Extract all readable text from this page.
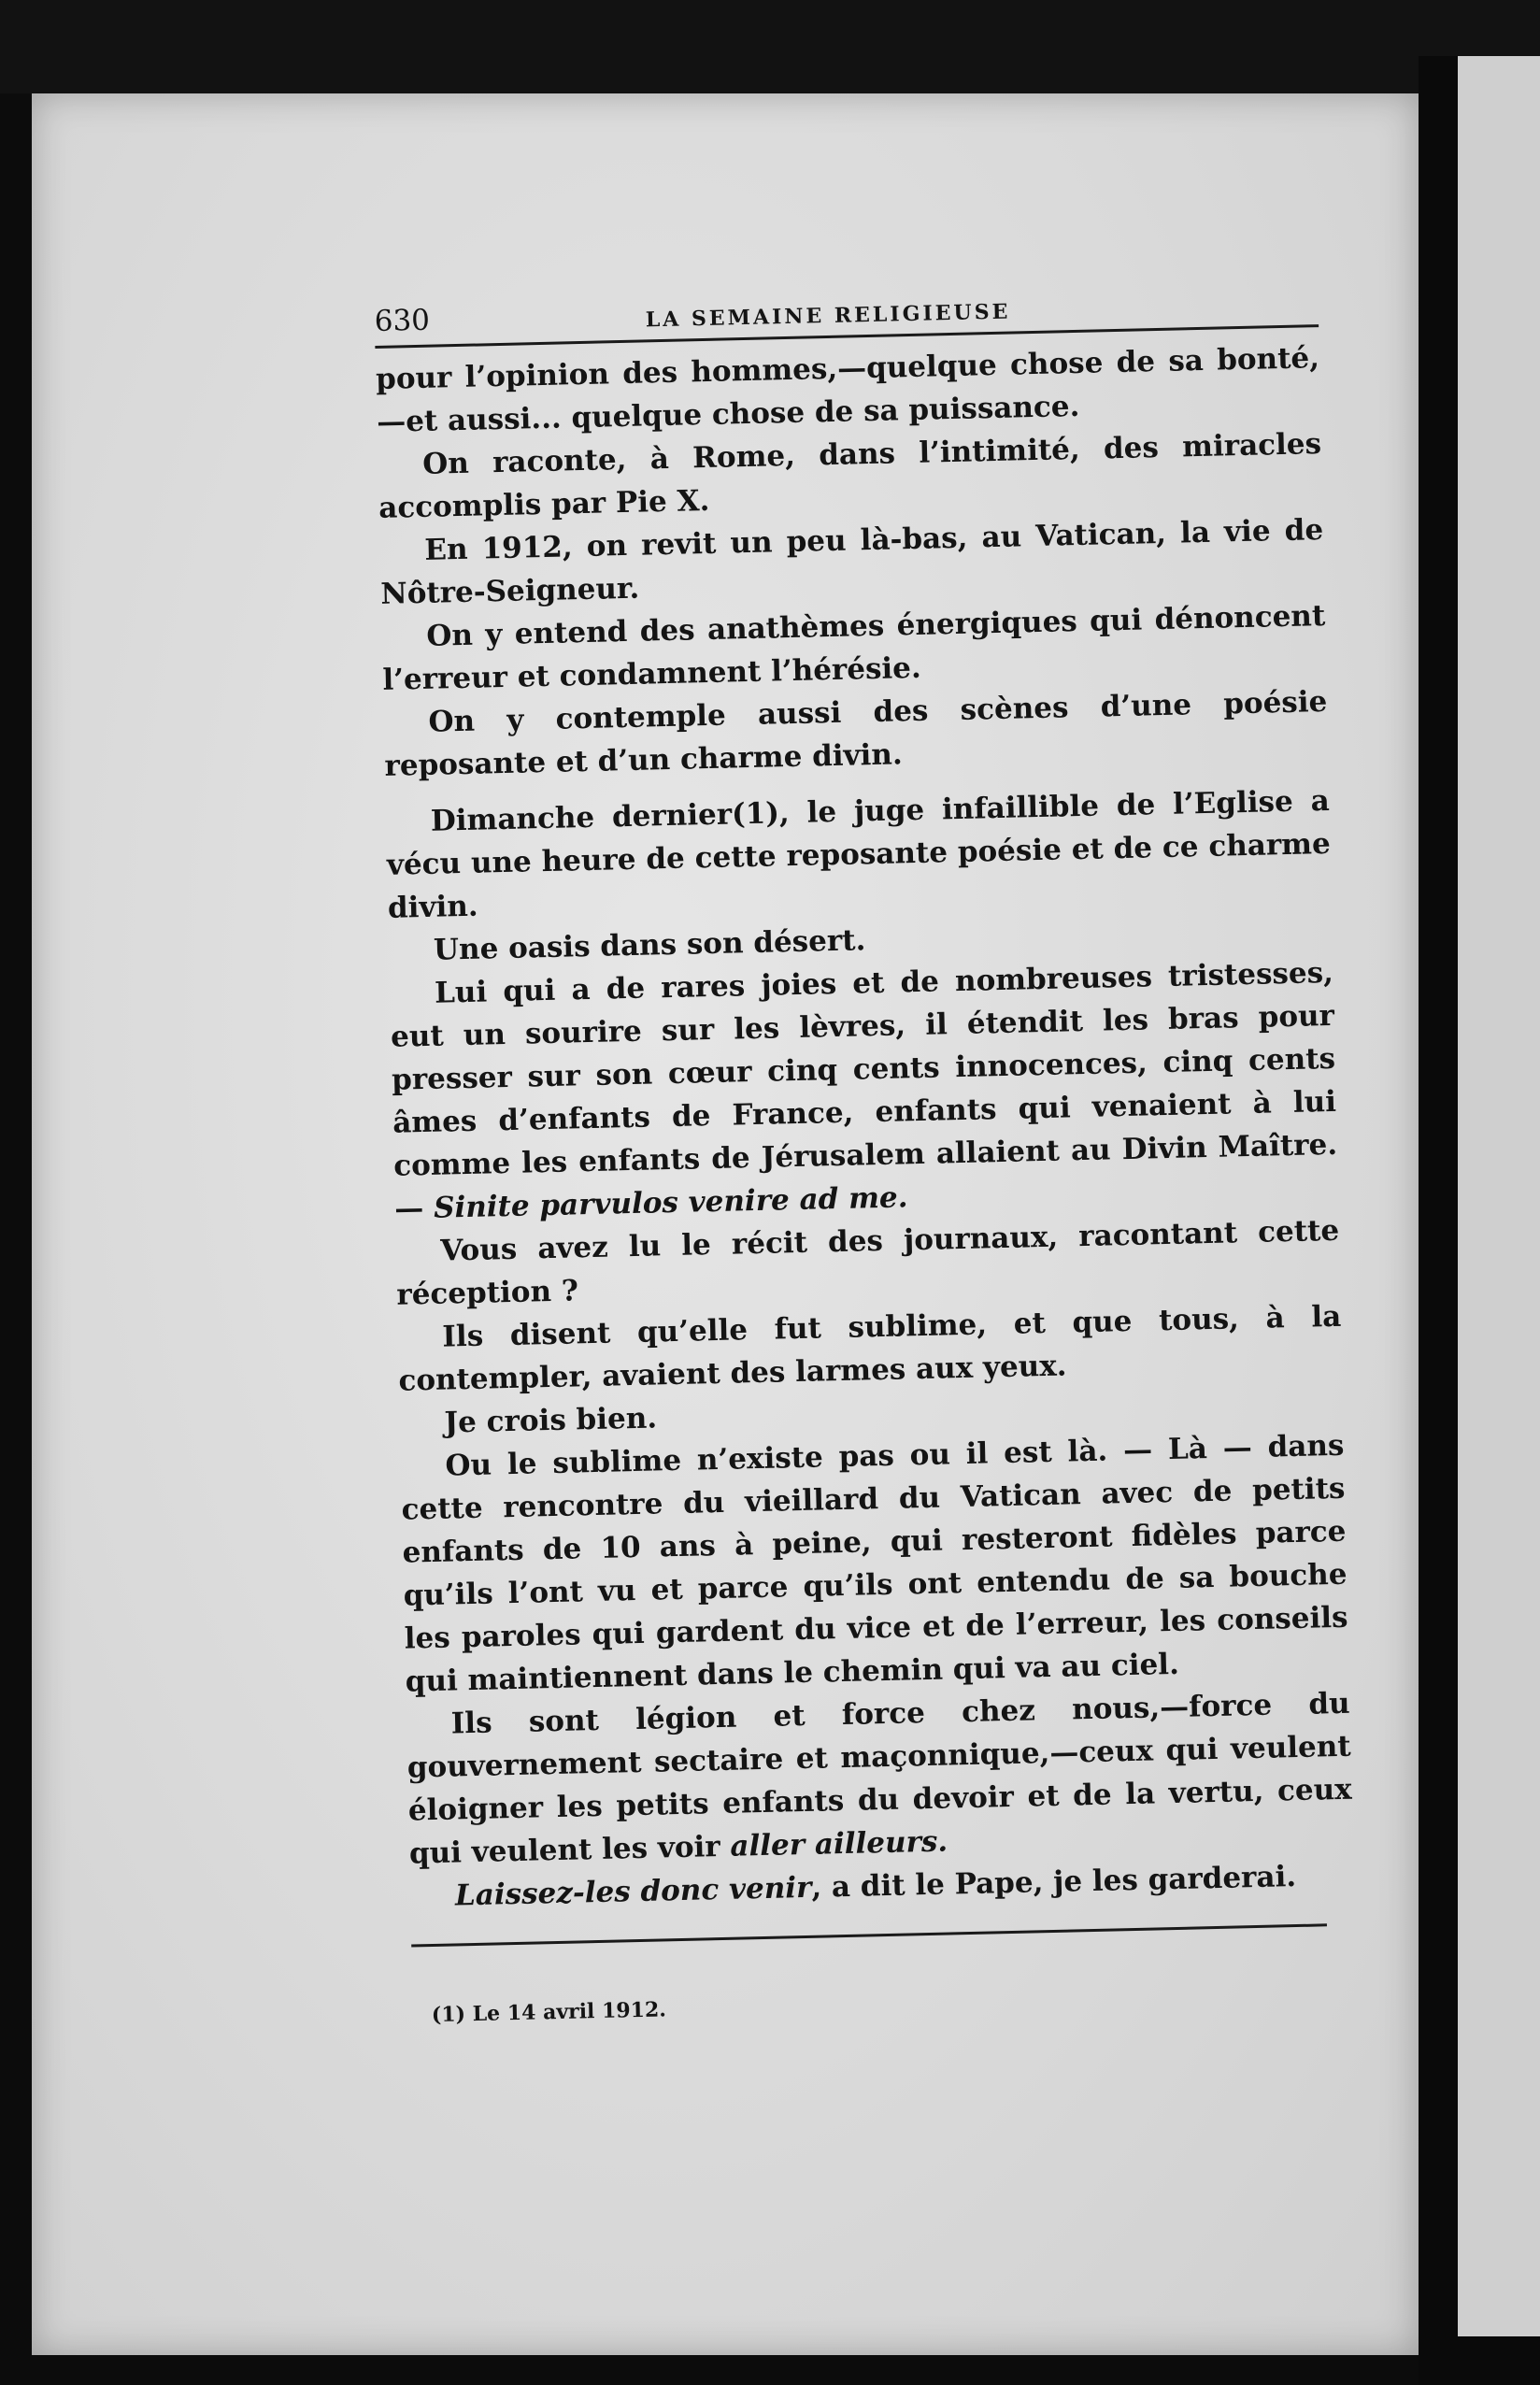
630	LA SEMAINE RELIGIEUSE

pour l’opinion des hommes,—quelque chose de sa bonté,—et aussi... quelque chose de sa puissance.

On raconte, à Rome, dans l’intimité, des miracles accomplis par Pie X.

En 1912, on revit un peu là-bas, au Vatican, la vie de Nôtre-Seigneur.

On y entend des anathèmes énergiques qui dénoncent l’erreur et condamnent l’hérésie.

On y contemple aussi des scènes d’une poésie reposante et d’un charme divin.

Dimanche dernier(1), le juge infaillible de l’Eglise a vécu une heure de cette reposante poésie et de ce charme divin.

Une oasis dans son désert.

Lui qui a de rares joies et de nombreuses tristesses, eut un sourire sur les lèvres, il étendit les bras pour presser sur son cœur cinq cents innocences, cinq cents âmes d’enfants de France, enfants qui venaient à lui comme les enfants de Jérusalem allaient au Divin Maître. — Sinite parvulos venire ad me.

Vous avez lu le récit des journaux, racontant cette réception ?

Ils disent qu’elle fut sublime, et que tous, à la contempler, avaient des larmes aux yeux.

Je crois bien.

Ou le sublime n’existe pas ou il est là. — Là — dans cette rencontre du vieillard du Vatican avec de petits enfants de 10 ans à peine, qui resteront fidèles parce qu’ils l’ont vu et parce qu’ils ont entendu de sa bouche les paroles qui gardent du vice et de l’erreur, les conseils qui maintiennent dans le chemin qui va au ciel.

Ils sont légion et force chez nous,—force du gouvernement sectaire et maçonnique,—ceux qui veulent éloigner les petits enfants du devoir et de la vertu, ceux qui veulent les voir aller ailleurs.

Laissez-les donc venir, a dit le Pape, je les garderai.

(1) Le 14 avril 1912.
